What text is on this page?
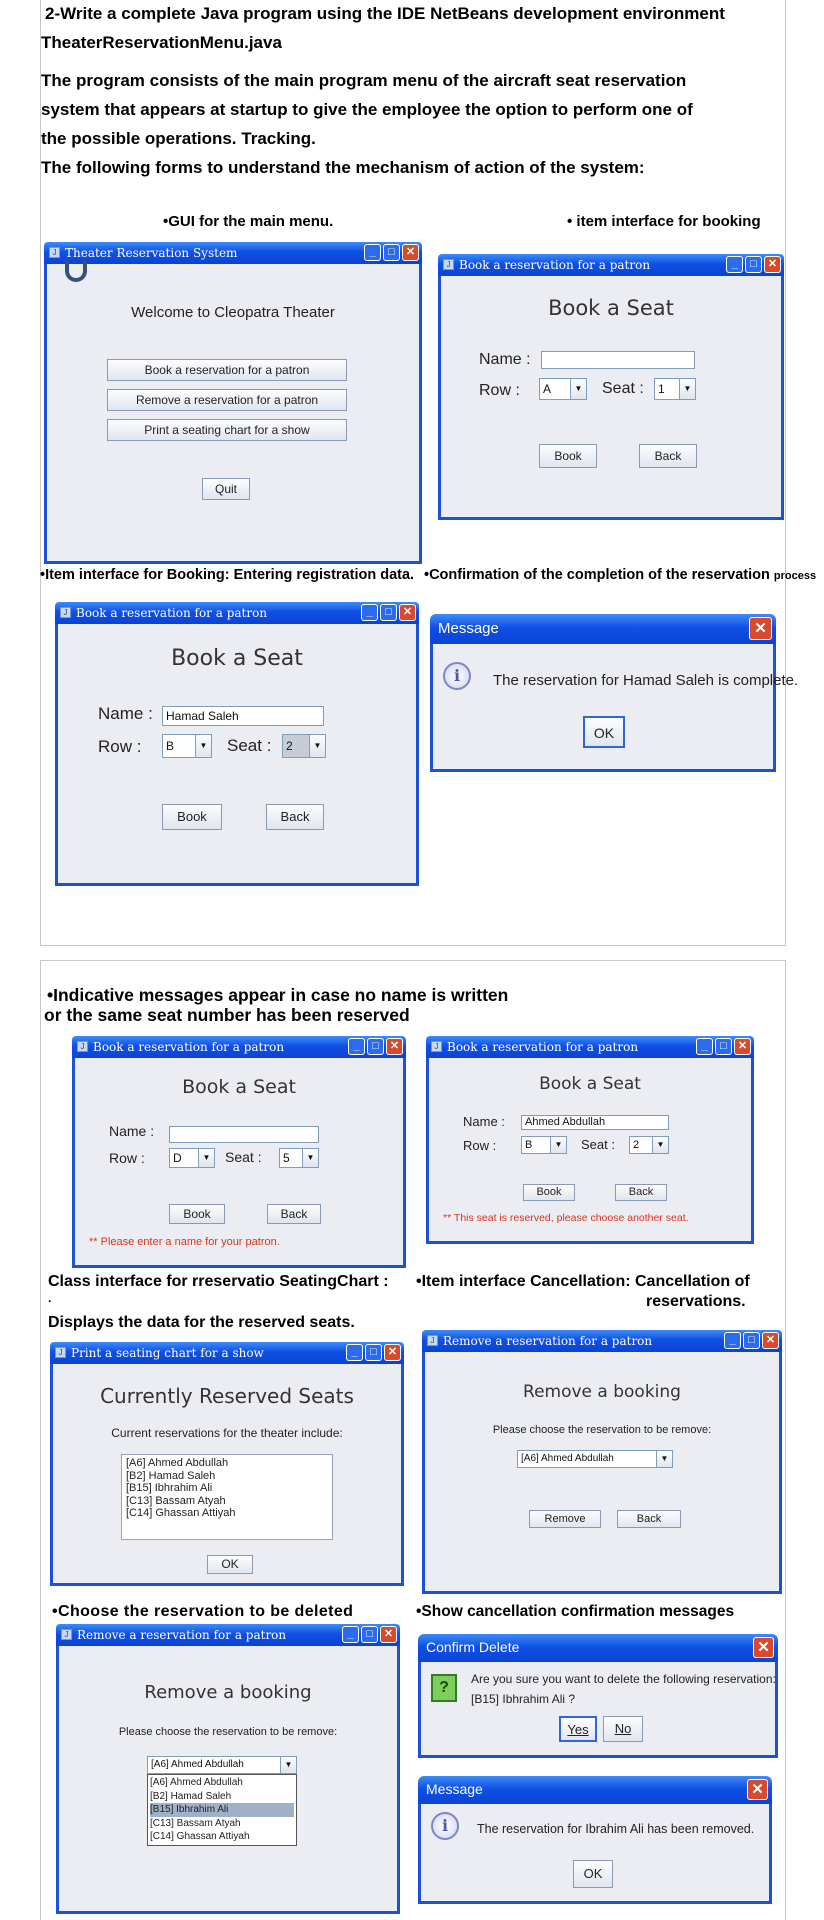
2-Write a complete Java program using the IDE NetBeans development environment
TheaterReservationMenu.java
The program consists of the main program menu of the aircraft seat reservation
system that appears at startup to give the employee the option to perform one of
the possible operations. Tracking.
The following forms to understand the mechanism of action of the system:
•GUI for the main menu.	• item interface for booking
J Theater Reservation System	_	□	✕
Welcome to Cleopatra Theater
Book a reservation for a patron
Remove a reservation for a patron
Print a seating chart for a show
Quit
J Book a reservation for a patron	_	□	✕
Book a Seat
Name :
Row :	A	▼ Seat :	1	▼
Book	Back
•Item interface for Booking: Entering registration data. •Confirmation of the completion of the reservation process
J Book a reservation for a patron	_	□	✕
Book a Seat
Name :	Hamad Saleh
Row :	B	▼ Seat :	2	▼
Book	Back
Message	✕
i	The reservation for Hamad Saleh is complete.
OK
•Indicative messages appear in case no name is written
or the same seat number has been reserved
J Book a reservation for a patron	_	□	✕
Book a Seat
Name :
Row :	D	▼ Seat :	5	▼
Book	Back
** Please enter a name for your patron.
J Book a reservation for a patron	_	□	✕
Book a Seat
Name :	Ahmed Abdullah
Row :	B	▼ Seat :	2	▼
Book	Back
** This seat is reserved, please choose another seat.
Class interface for rreservatio SeatingChart :
.
Displays the data for the reserved seats.
•Item interface Cancellation: Cancellation of
reservations.
J Print a seating chart for a show	_	□	✕
Currently Reserved Seats
Current reservations for the theater include:
[A6] Ahmed Abdullah
[B2] Hamad Saleh
[B15] Ibhrahim Ali
[C13] Bassam Atyah
[C14] Ghassan Attiyah
OK
J Remove a reservation for a patron	_	□	✕
Remove a booking
Please choose the reservation to be remove:
[A6] Ahmed Abdullah	▼
Remove	Back
•Choose the reservation to be deleted	•Show cancellation confirmation messages
J Remove a reservation for a patron	_	□	✕
Remove a booking
Please choose the reservation to be remove:
[A6] Ahmed Abdullah	▼
[A6] Ahmed Abdullah
[B2] Hamad Saleh
[B15] Ibhrahim Ali
[C13] Bassam Atyah
[C14] Ghassan Attiyah
Confirm Delete	✕
?	Are you sure you want to delete the following reservation:
[B15] Ibhrahim Ali ?
Yes	No
Message	✕
i	The reservation for Ibrahim Ali has been removed.
OK
